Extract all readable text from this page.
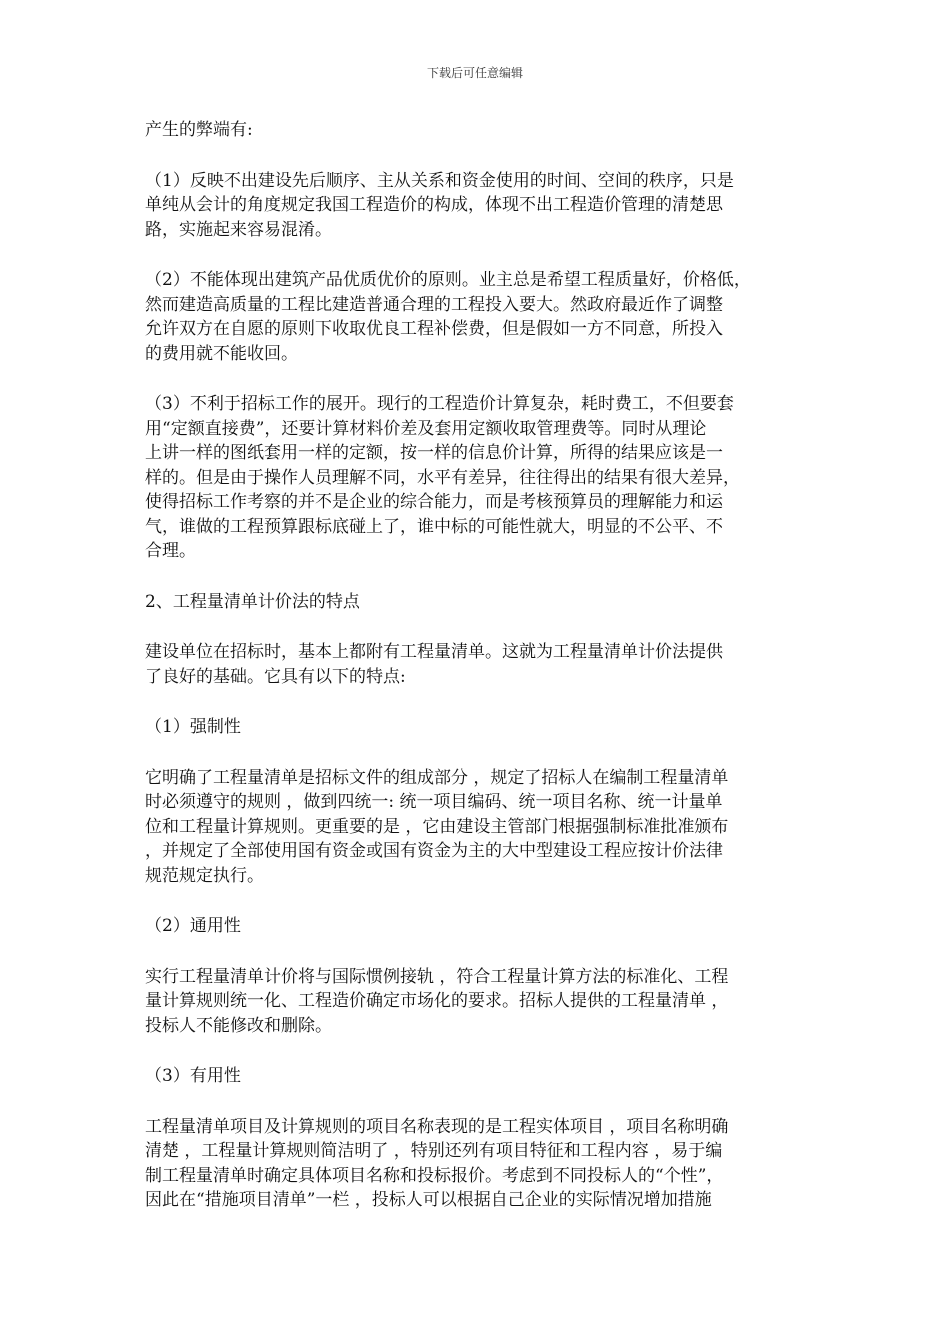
下载后可任意编辑
产生的弊端有:
（1）反映不出建设先后顺序、主从关系和资金使用的时间、空间的秩序，只是
单纯从会计的角度规定我国工程造价的构成，体现不出工程造价管理的清楚思
路，实施起来容易混淆。
（2）不能体现出建筑产品优质优价的原则。业主总是希望工程质量好，价格低，
然而建造高质量的工程比建造普通合理的工程投入要大。然政府最近作了调整
允许双方在自愿的原则下收取优良工程补偿费，但是假如一方不同意，所投入
的费用就不能收回。
（3）不利于招标工作的展开。现行的工程造价计算复杂，耗时费工，不但要套
用“定额直接费”，还要计算材料价差及套用定额收取管理费等。同时从理论
上讲一样的图纸套用一样的定额，按一样的信息价计算，所得的结果应该是一
样的。但是由于操作人员理解不同，水平有差异，往往得出的结果有很大差异，
使得招标工作考察的并不是企业的综合能力，而是考核预算员的理解能力和运
气，谁做的工程预算跟标底碰上了，谁中标的可能性就大，明显的不公平、不
合理。
2、工程量清单计价法的特点
建设单位在招标时，基本上都附有工程量清单。这就为工程量清单计价法提供
了良好的基础。它具有以下的特点:
（1）强制性
它明确了工程量清单是招标文件的组成部分 ，规定了招标人在编制工程量清单
时必须遵守的规则 ，做到四统一: 统一项目编码、统一项目名称、统一计量单
位和工程量计算规则。更重要的是 ，它由建设主管部门根据强制标准批准颁布
，并规定了全部使用国有资金或国有资金为主的大中型建设工程应按计价法律
规范规定执行。
（2）通用性
实行工程量清单计价将与国际惯例接轨 ，符合工程量计算方法的标准化、工程
量计算规则统一化、工程造价确定市场化的要求。招标人提供的工程量清单 ，
投标人不能修改和删除。
（3）有用性
工程量清单项目及计算规则的项目名称表现的是工程实体项目 ，项目名称明确
清楚 ，工程量计算规则简洁明了 ，特别还列有项目特征和工程内容 ，易于编
制工程量清单时确定具体项目名称和投标报价。考虑到不同投标人的“个性”，
因此在“措施项目清单”一栏 ，投标人可以根据自己企业的实际情况增加措施
